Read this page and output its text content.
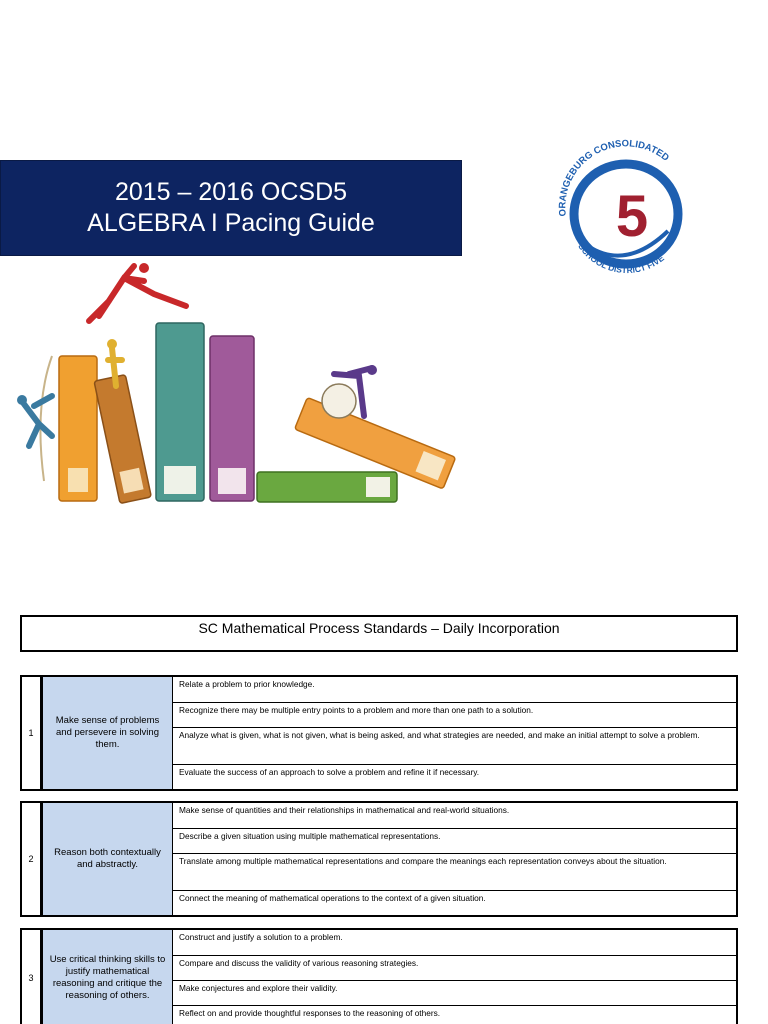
2015 – 2016 OCSD5
ALGEBRA I Pacing Guide	ORANGEBURG CONSOLIDATED
SCHOOL DISTRICT FIVE
5
SC Mathematical Process Standards – Daily Incorporation
1
Make sense of problems and persevere in solving them.
Relate a problem to prior knowledge.
Recognize there may be multiple entry points to a problem and more than one path to a solution.
Analyze what is given, what is not given, what is being asked, and what strategies are needed, and make an initial attempt to solve a problem.
Evaluate the success of an approach to solve a problem and refine it if necessary.
2
Reason both contextually and abstractly.
Make sense of quantities and their relationships in mathematical and real-world situations.
Describe a given situation using multiple mathematical representations.
Translate among multiple mathematical representations and compare the meanings each representation conveys about the situation.
Connect the meaning of mathematical operations to the context of a given situation.
3
Use critical thinking skills to justify mathematical reasoning and critique the reasoning of others.
Construct and justify a solution to a problem.
Compare and discuss the validity of various reasoning strategies.
Make conjectures and explore their validity.
Reflect on and provide thoughtful responses to the reasoning of others.
